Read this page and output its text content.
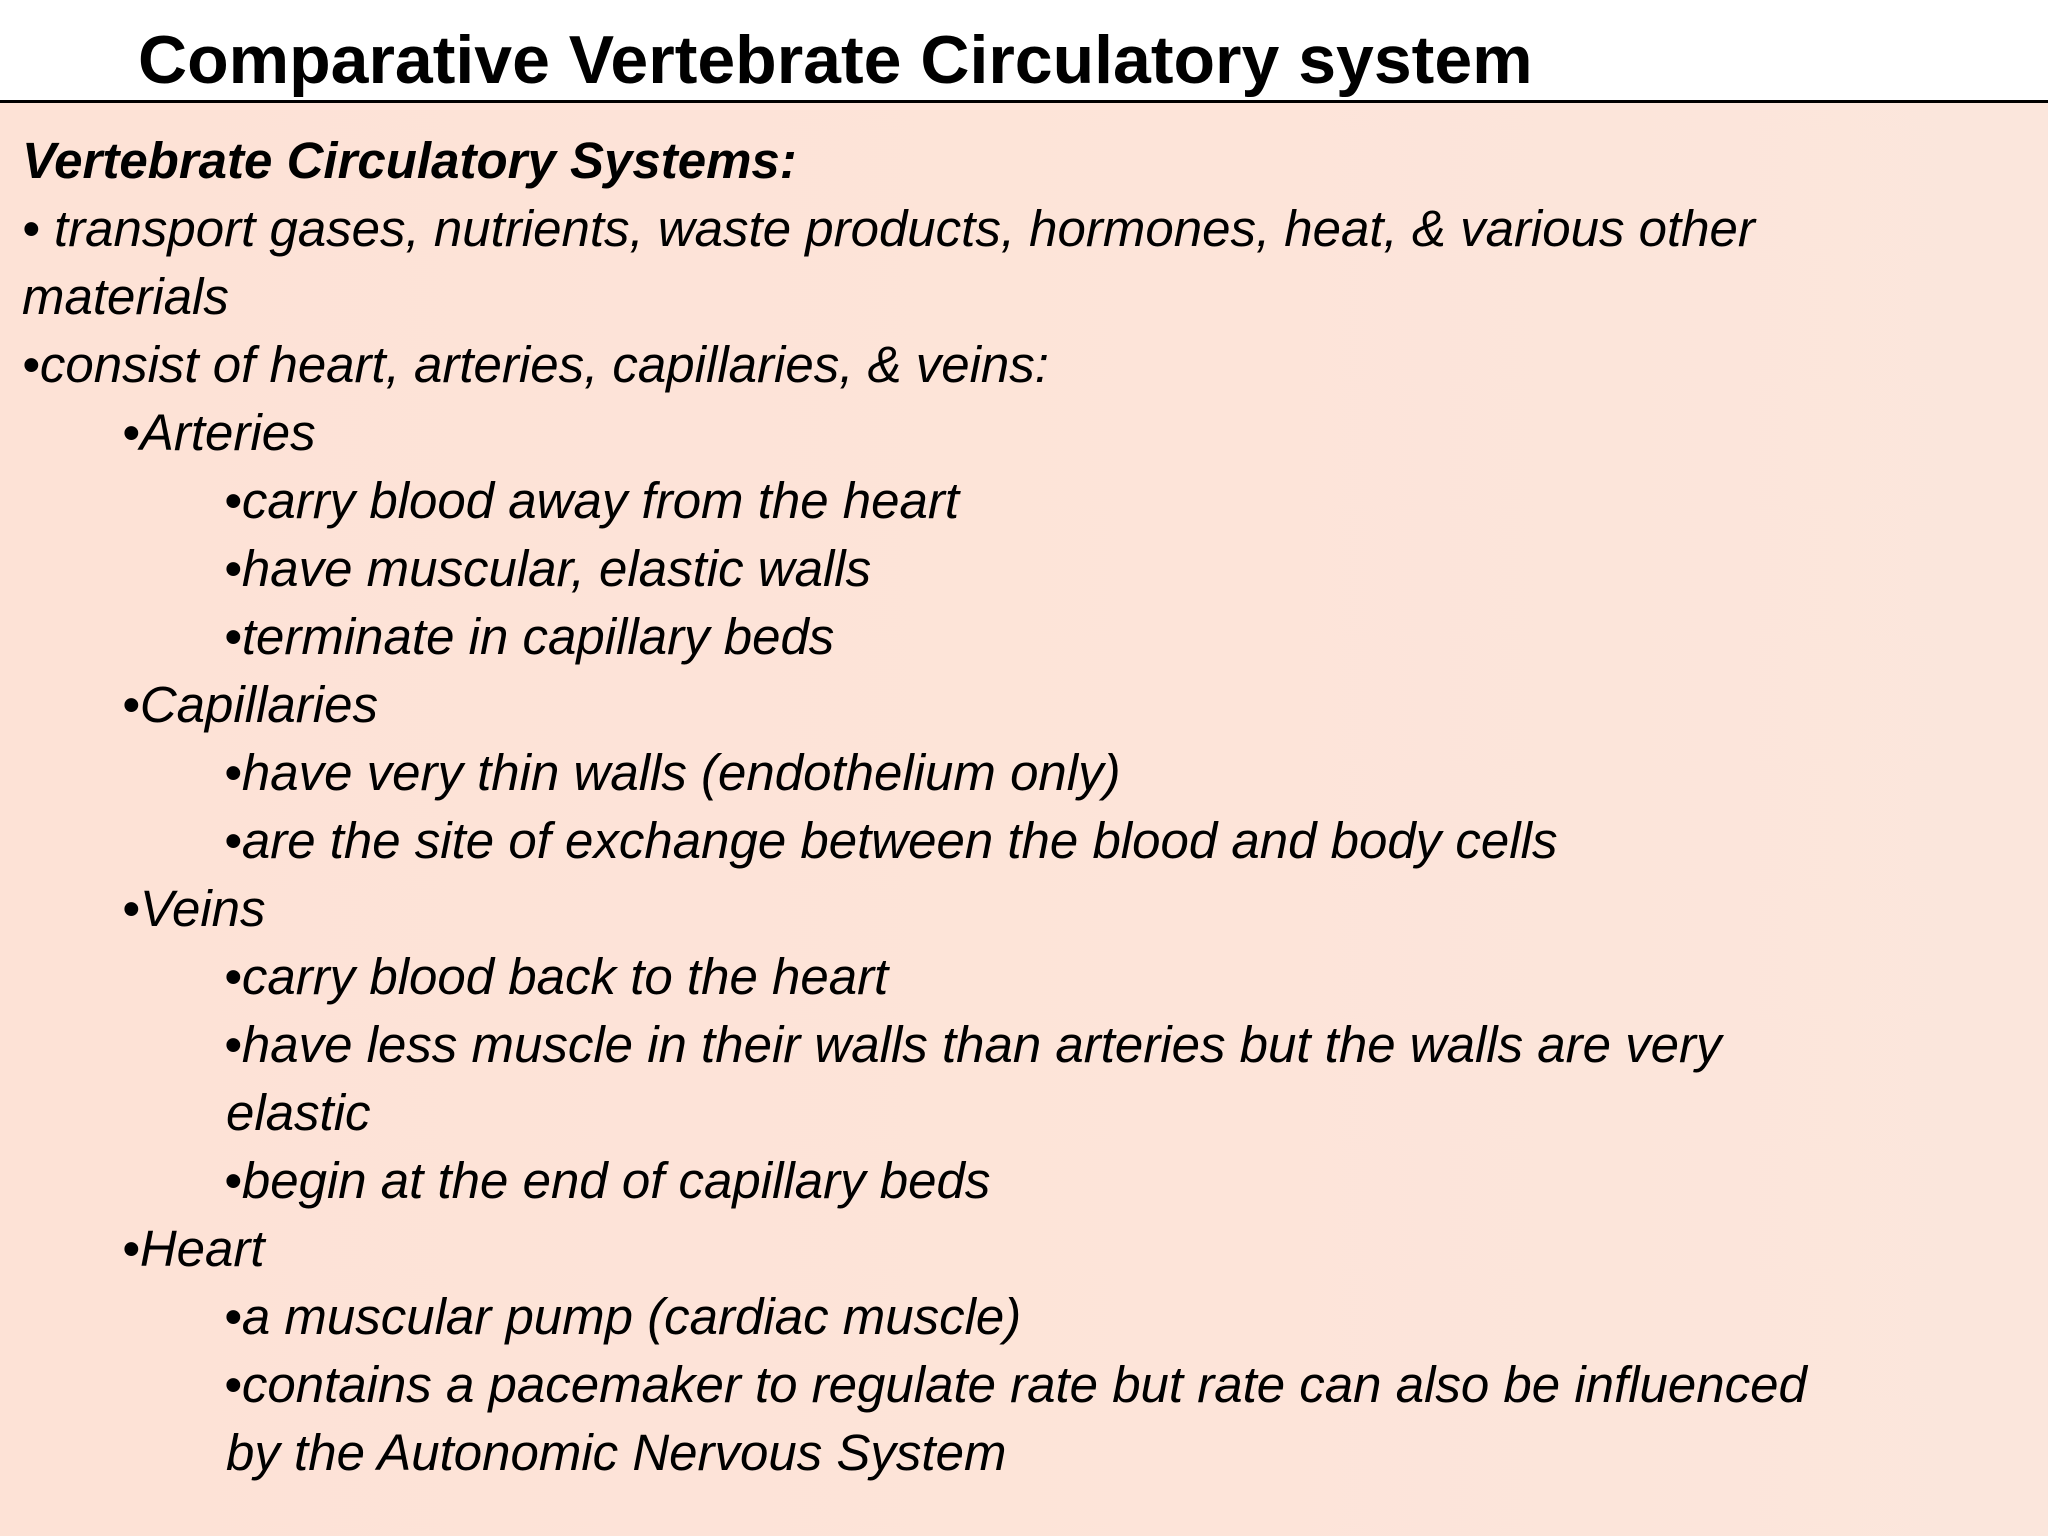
Comparative Vertebrate Circulatory system

Vertebrate Circulatory Systems:

• transport gases, nutrients, waste products, hormones, heat, & various other

materials

•consist of heart, arteries, capillaries, & veins:

•Arteries

•carry blood away from the heart

•have muscular, elastic walls

•terminate in capillary beds

•Capillaries

•have very thin walls (endothelium only)

•are the site of exchange between the blood and body cells

•Veins

•carry blood back to the heart

•have less muscle in their walls than arteries but the walls are very

elastic

•begin at the end of capillary beds

•Heart

•a muscular pump (cardiac muscle)

•contains a pacemaker to regulate rate but rate can also be influenced

by the Autonomic Nervous System
